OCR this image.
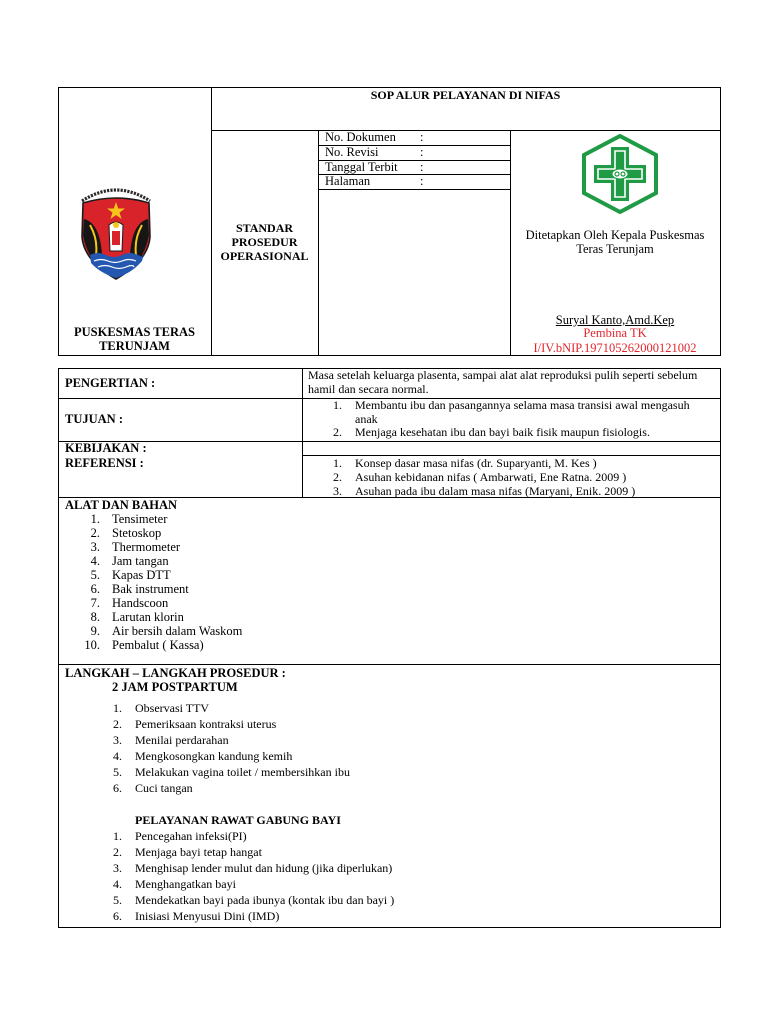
PUSKESMAS TERAS
TERUNJAM
SOP ALUR PELAYANAN DI NIFAS
STANDAR
PROSEDUR
OPERASIONAL
No. Dokumen	:
No. Revisi	:
Tanggal Terbit	:
Halaman	:
Ditetapkan Oleh Kepala Puskesmas
Teras Terunjam
Suryal Kanto,Amd.Kep
Pembina TK
I/IV.bNIP.197105262000121002
PENGERTIAN :
Masa setelah keluarga plasenta, sampai alat alat reproduksi pulih seperti sebelum hamil dan secara normal.
TUJUAN :
1. Membantu ibu dan pasangannya selama masa transisi awal mengasuh anak
2. Menjaga kesehatan ibu dan bayi baik fisik maupun fisiologis.
KEBIJAKAN :
REFERENSI :	1. Konsep dasar masa nifas (dr. Suparyanti, M. Kes )
2. Asuhan kebidanan nifas ( Ambarwati, Ene Ratna. 2009 )
3. Asuhan pada ibu dalam masa nifas (Maryani, Enik. 2009 )
ALAT DAN BAHAN
1. Tensimeter
2. Stetoskop
3. Thermometer
4. Jam tangan
5. Kapas DTT
6. Bak instrument
7. Handscoon
8. Larutan klorin
9. Air bersih dalam Waskom
10. Pembalut ( Kassa)
LANGKAH – LANGKAH PROSEDUR :
2 JAM POSTPARTUM
1. Observasi TTV
2. Pemeriksaan kontraksi uterus
3. Menilai perdarahan
4. Mengkosongkan kandung kemih
5. Melakukan vagina toilet / membersihkan ibu
6. Cuci tangan
PELAYANAN RAWAT GABUNG BAYI
1. Pencegahan infeksi(PI)
2. Menjaga bayi tetap hangat
3. Menghisap lender mulut dan hidung (jika diperlukan)
4. Menghangatkan bayi
5. Mendekatkan bayi pada ibunya (kontak ibu dan bayi )
6. Inisiasi Menyusui Dini (IMD)
